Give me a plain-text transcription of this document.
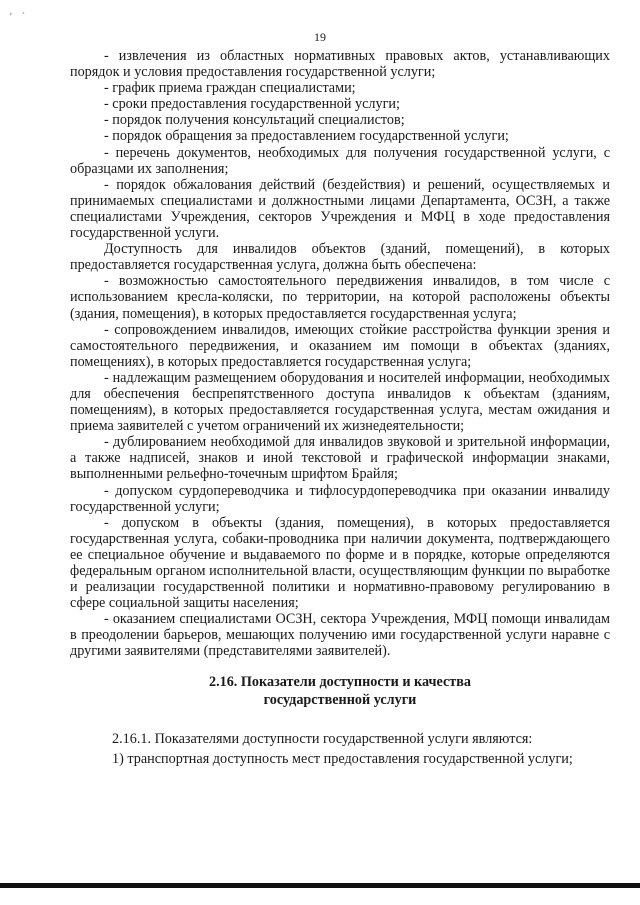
'    `
19

- извлечения из областных нормативных правовых актов, устанавливающих порядок и условия предоставления государственной услуги;

- график приема граждан специалистами;

- сроки предоставления государственной услуги;

- порядок получения консультаций специалистов;

- порядок обращения за предоставлением государственной услуги;

- перечень документов, необходимых для получения государственной услуги, с образцами их заполнения;

- порядок обжалования действий (бездействия) и решений, осуществляемых и принимаемых специалистами и должностными лицами Департамента, ОСЗН, а также специалистами Учреждения, секторов Учреждения и МФЦ в ходе предоставления государственной услуги.

Доступность для инвалидов объектов (зданий, помещений), в которых предоставляется государственная услуга, должна быть обеспечена:

- возможностью самостоятельного передвижения инвалидов, в том числе с использованием кресла-коляски, по территории, на которой расположены объекты (здания, помещения), в которых предоставляется государственная услуга;

- сопровождением инвалидов, имеющих стойкие расстройства функции зрения и самостоятельного передвижения, и оказанием им помощи в объектах (зданиях, помещениях), в которых предоставляется государственная услуга;

- надлежащим размещением оборудования и носителей информации, необходимых для обеспечения беспрепятственного доступа инвалидов к объектам (зданиям, помещениям), в которых предоставляется государственная услуга, местам ожидания и приема заявителей с учетом ограничений их жизнедеятельности;

- дублированием необходимой для инвалидов звуковой и зрительной информации, а также надписей, знаков и иной текстовой и графической информации знаками, выполненными рельефно-точечным шрифтом Брайля;

- допуском сурдопереводчика и тифлосурдопереводчика при оказании инвалиду государственной услуги;

- допуском в объекты (здания, помещения), в которых предоставляется государственная услуга, собаки-проводника при наличии документа, подтверждающего ее специальное обучение и выдаваемого по форме и в порядке, которые определяются федеральным органом исполнительной власти, осуществляющим функции по выработке и реализации государственной политики и нормативно-правовому регулированию в сфере социальной защиты населения;

- оказанием специалистами ОСЗН, сектора Учреждения, МФЦ помощи инвалидам в преодолении барьеров, мешающих получению ими государственной услуги наравне с другими заявителями (представителями заявителей).

2.16. Показатели доступности и качества
государственной услуги

2.16.1. Показателями доступности государственной услуги являются:

1) транспортная доступность мест предоставления государственной услуги;
